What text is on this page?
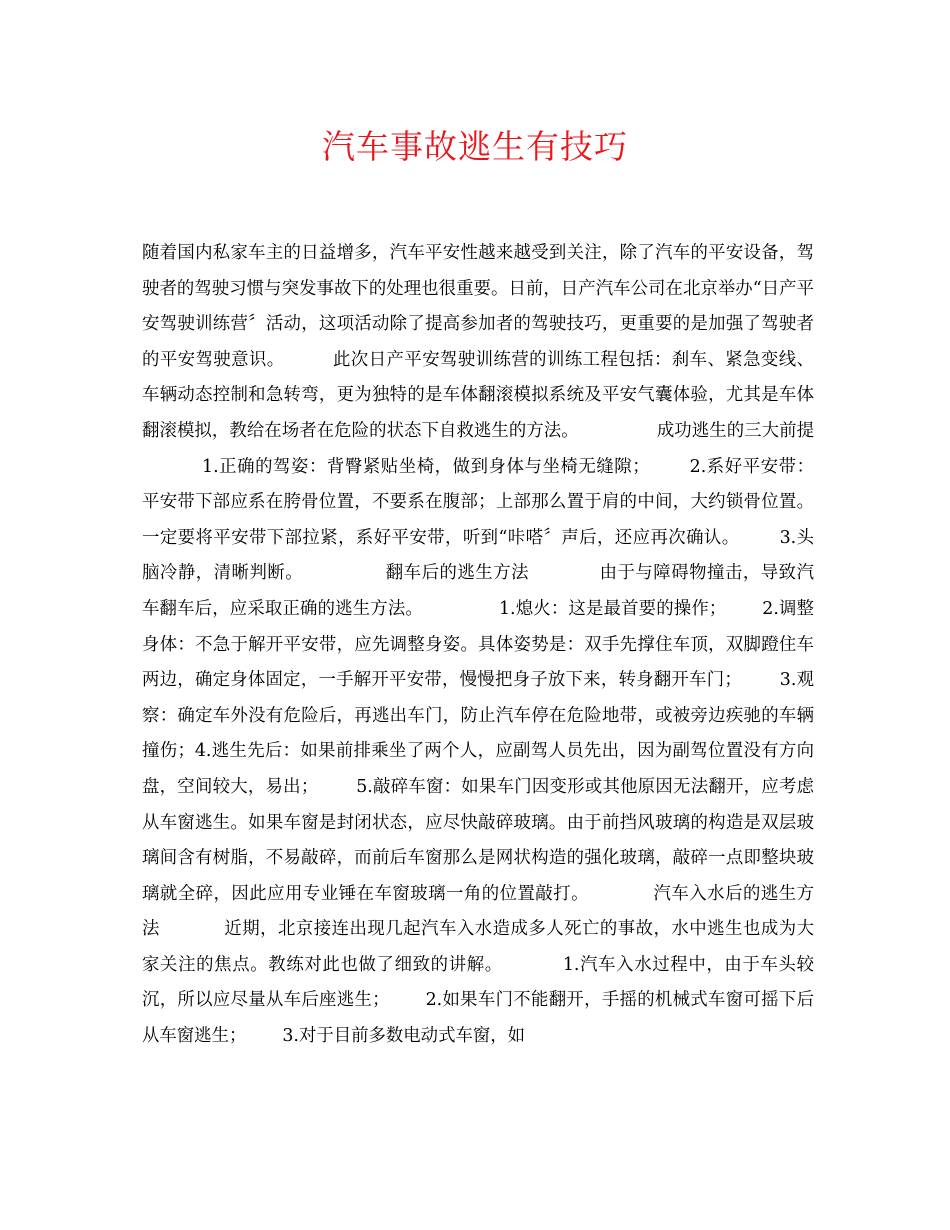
汽车事故逃生有技巧

随着国内私家车主的日益增多，汽车平安性越来越受到关注，除了汽车的平安设备，驾驶者的驾驶习惯与突发事故下的处理也很重要。日前，日产汽车公司在北京举办“日产平安驾驶训练营〞活动，这项活动除了提高参加者的驾驶技巧，更重要的是加强了驾驶者的平安驾驶意识。	此次日产平安驾驶训练营的训练工程包括：刹车、紧急变线、车辆动态控制和急转弯，更为独特的是车体翻滚模拟系统及平安气囊体验，尤其是车体翻滚模拟，教给在场者在危险的状态下自救逃生的方法。	成功逃生的三大前提1.正确的驾姿：背臀紧贴坐椅，做到身体与坐椅无缝隙； 2.系好平安带：平安带下部应系在胯骨位置，不要系在腹部；上部那么置于肩的中间，大约锁骨位置。一定要将平安带下部拉紧，系好平安带，听到“咔嗒〞声后，还应再次确认。 3.头脑冷静，清晰判断。	翻车后的逃生方法	由于与障碍物撞击，导致汽车翻车后，应采取正确的逃生方法。	1.熄火：这是最首要的操作； 2.调整身体：不急于解开平安带，应先调整身姿。具体姿势是：双手先撑住车顶，双脚蹬住车两边，确定身体固定，一手解开平安带，慢慢把身子放下来，转身翻开车门； 3.观察：确定车外没有危险后，再逃出车门，防止汽车停在危险地带，或被旁边疾驰的车辆撞伤；4.逃生先后：如果前排乘坐了两个人，应副驾人员先出，因为副驾位置没有方向盘，空间较大，易出； 5.敲碎车窗：如果车门因变形或其他原因无法翻开，应考虑从车窗逃生。如果车窗是封闭状态，应尽快敲碎玻璃。由于前挡风玻璃的构造是双层玻璃间含有树脂，不易敲碎，而前后车窗那么是网状构造的强化玻璃，敲碎一点即整块玻璃就全碎，因此应用专业锤在车窗玻璃一角的位置敲打。	汽车入水后的逃生方法	近期，北京接连出现几起汽车入水造成多人死亡的事故，水中逃生也成为大家关注的焦点。教练对此也做了细致的讲解。	1.汽车入水过程中，由于车头较沉，所以应尽量从车后座逃生； 2.如果车门不能翻开，手摇的机械式车窗可摇下后从车窗逃生； 3.对于目前多数电动式车窗，如
